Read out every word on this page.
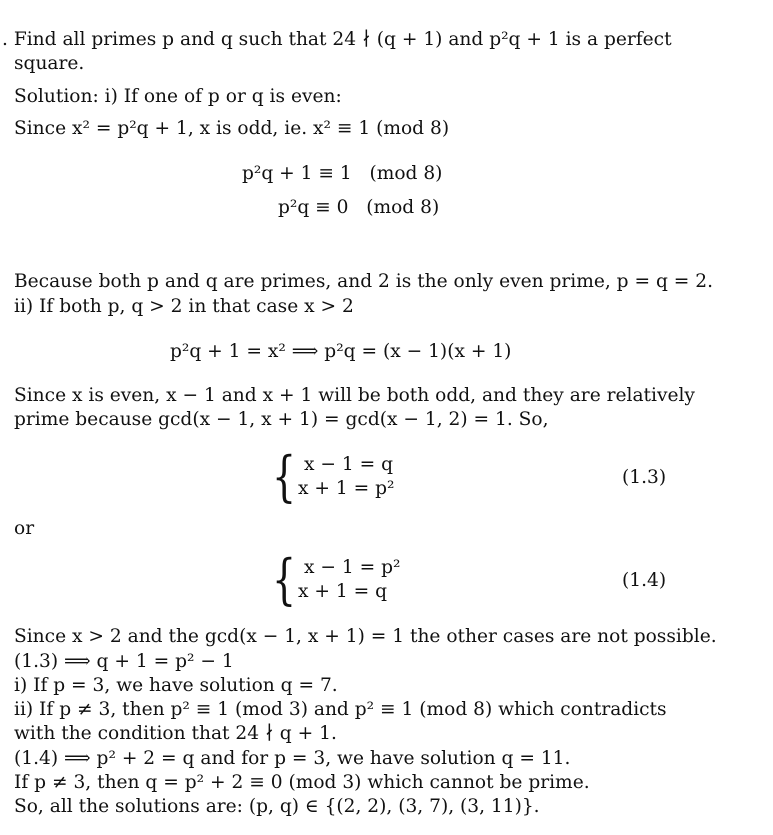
. Find all primes p and q such that 24 ∤ (q + 1) and p²q + 1 is a perfect
square.
Solution: i) If one of p or q is even:
Since x² = p²q + 1, x is odd, ie. x² ≡ 1 (mod 8)
p²q + 1 ≡ 1   (mod 8)
p²q ≡ 0   (mod 8)
Because both p and q are primes, and 2 is the only even prime, p = q = 2.
ii) If both p, q > 2 in that case x > 2
p²q + 1 = x² ⟹ p²q = (x − 1)(x + 1)
Since x is even, x − 1 and x + 1 will be both odd, and they are relatively
prime because gcd(x − 1, x + 1) = gcd(x − 1, 2) = 1. So,
{ x − 1 = q
x + 1 = p²
(1.3)
or
{ x − 1 = p²
x + 1 = q
(1.4)
Since x > 2 and the gcd(x − 1, x + 1) = 1 the other cases are not possible.
(1.3) ⟹ q + 1 = p² − 1
i) If p = 3, we have solution q = 7.
ii) If p ≠ 3, then p² ≡ 1 (mod 3) and p² ≡ 1 (mod 8) which contradicts
with the condition that 24 ∤ q + 1.
(1.4) ⟹ p² + 2 = q and for p = 3, we have solution q = 11.
If p ≠ 3, then q = p² + 2 ≡ 0 (mod 3) which cannot be prime.
So, all the solutions are: (p, q) ∈ {(2, 2), (3, 7), (3, 11)}.
